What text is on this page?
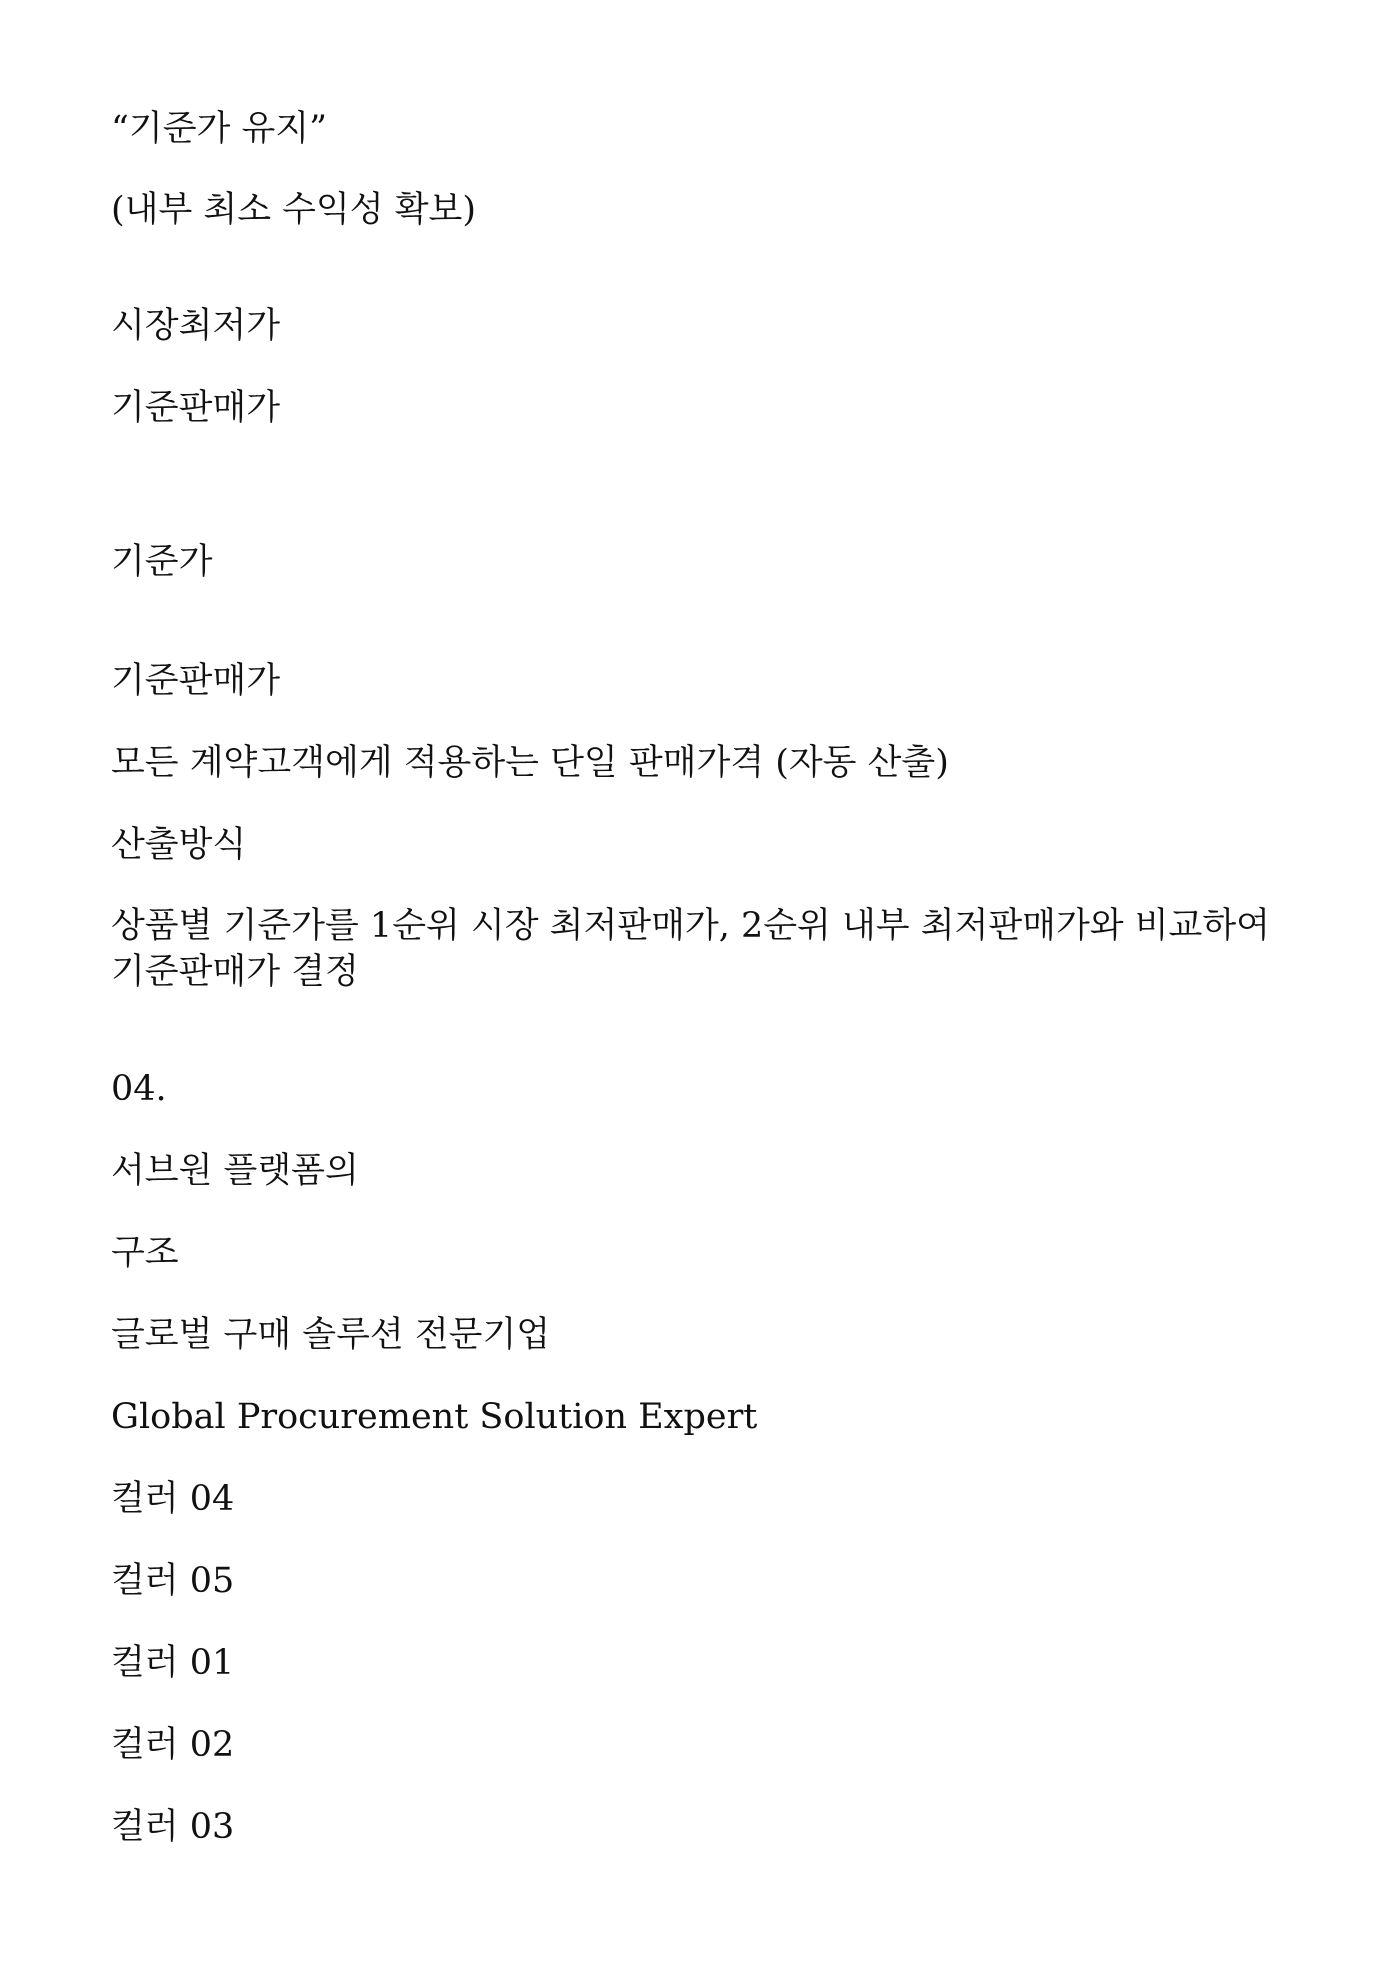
“기준가 유지”

(내부 최소 수익성 확보)

시장최저가

기준판매가

기준가

기준판매가

모든 계약고객에게 적용하는 단일 판매가격 (자동 산출)

산출방식

상품별 기준가를 1순위 시장 최저판매가, 2순위 내부 최저판매가와 비교하여 기준판매가 결정

04.

서브원 플랫폼의

구조

글로벌 구매 솔루션 전문기업

Global Procurement Solution Expert

컬러 04

컬러 05

컬러 01

컬러 02

컬러 03
